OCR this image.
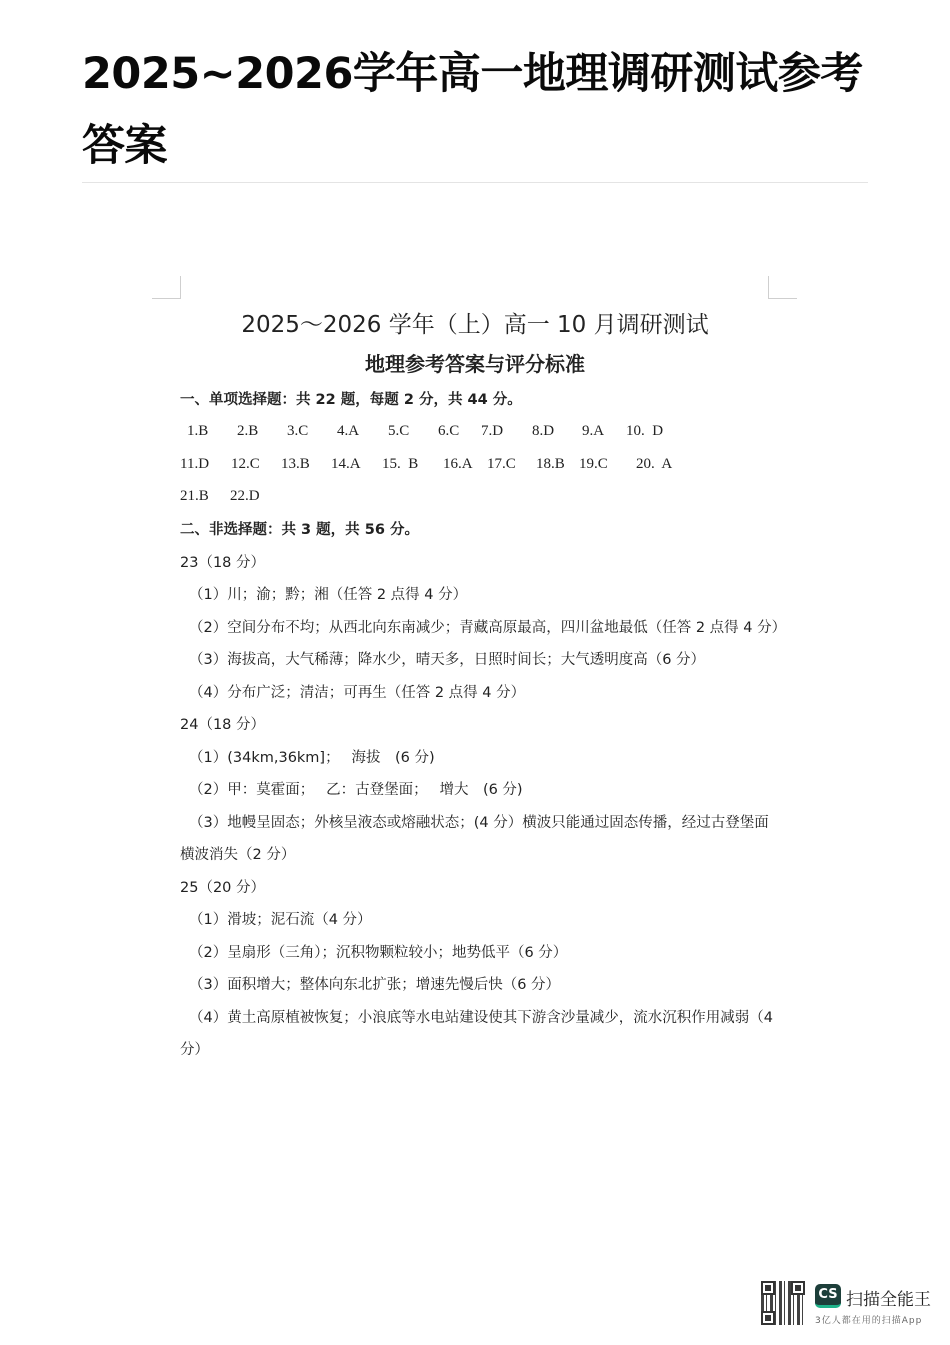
2025~2026学年高一地理调研测试参考答案
2025～2026 学年（上）高一 10 月调研测试
地理参考答案与评分标准
一、单项选择题：共 22 题，每题 2 分，共 44 分。
1.B 2.B 3.C 4.A 5.C 6.C 7.D 8.D 9.A 10.  D
11.D 12.C 13.B 14.A 15.  B 16.A 17.C 18.B 19.C 20.  A
21.B 22.D
二、非选择题：共 3 题，共 56 分。
23（18 分）
（1）川；渝；黔；湘（任答 2 点得 4 分）
（2）空间分布不均；从西北向东南减少；青藏高原最高，四川盆地最低（任答 2 点得 4 分）
（3）海拔高，大气稀薄；降水少，晴天多，日照时间长；大气透明度高（6 分）
（4）分布广泛；清洁；可再生（任答 2 点得 4 分）
24（18 分）
（1）(34km,36km]；　 海拔　(6 分)
（2）甲：莫霍面；　 乙：古登堡面；　 增大　(6 分)
（3）地幔呈固态；外核呈液态或熔融状态；(4 分）横波只能通过固态传播，经过古登堡面
横波消失（2 分）
25（20 分）
（1）滑坡；泥石流（4 分）
（2）呈扇形（三角）；沉积物颗粒较小；地势低平（6 分）
（3）面积增大；整体向东北扩张；增速先慢后快（6 分）
（4）黄土高原植被恢复；小浪底等水电站建设使其下游含沙量减少，流水沉积作用减弱（4
分）
CS 扫描全能王
3亿人都在用的扫描App
